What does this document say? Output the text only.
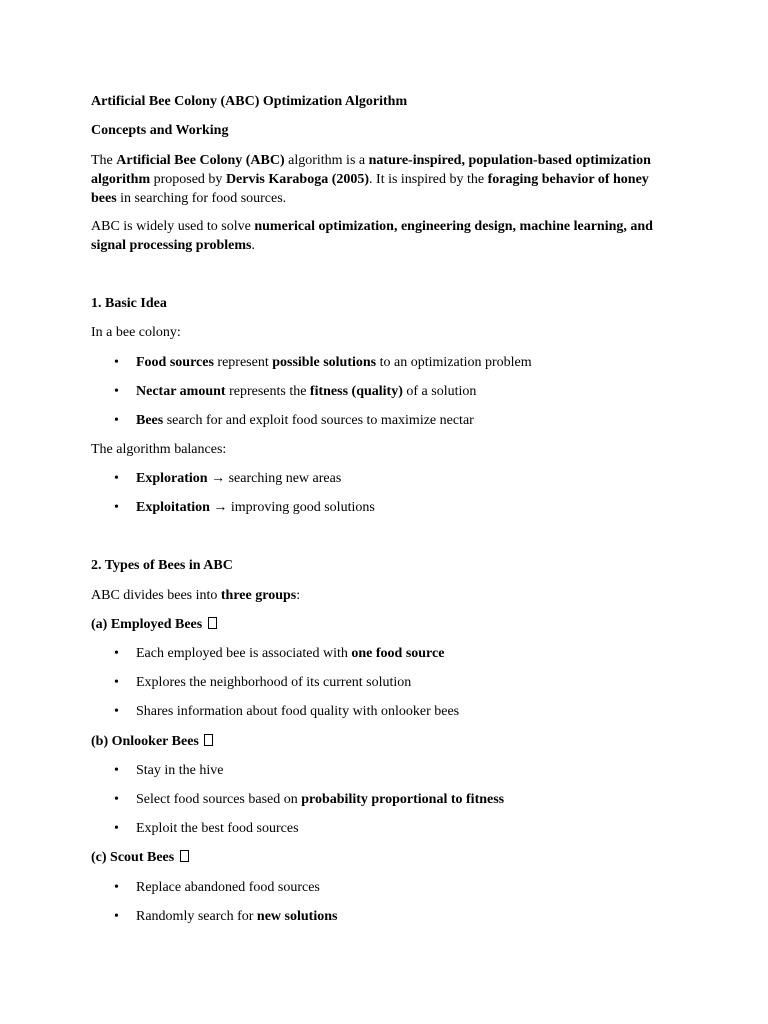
Artificial Bee Colony (ABC) Optimization Algorithm

Concepts and Working

The Artificial Bee Colony (ABC) algorithm is a nature-inspired, population-based optimization algorithm proposed by Dervis Karaboga (2005). It is inspired by the foraging behavior of honey bees in searching for food sources.

ABC is widely used to solve numerical optimization, engineering design, machine learning, and signal processing problems.

1. Basic Idea

In a bee colony:

•	Food sources represent possible solutions to an optimization problem
•	Nectar amount represents the fitness (quality) of a solution
•	Bees search for and exploit food sources to maximize nectar

The algorithm balances:

•	Exploration → searching new areas
•	Exploitation → improving good solutions

2. Types of Bees in ABC

ABC divides bees into three groups:

(a) Employed Bees

•	Each employed bee is associated with one food source
•	Explores the neighborhood of its current solution
•	Shares information about food quality with onlooker bees

(b) Onlooker Bees

•	Stay in the hive
•	Select food sources based on probability proportional to fitness
•	Exploit the best food sources

(c) Scout Bees

•	Replace abandoned food sources
•	Randomly search for new solutions
